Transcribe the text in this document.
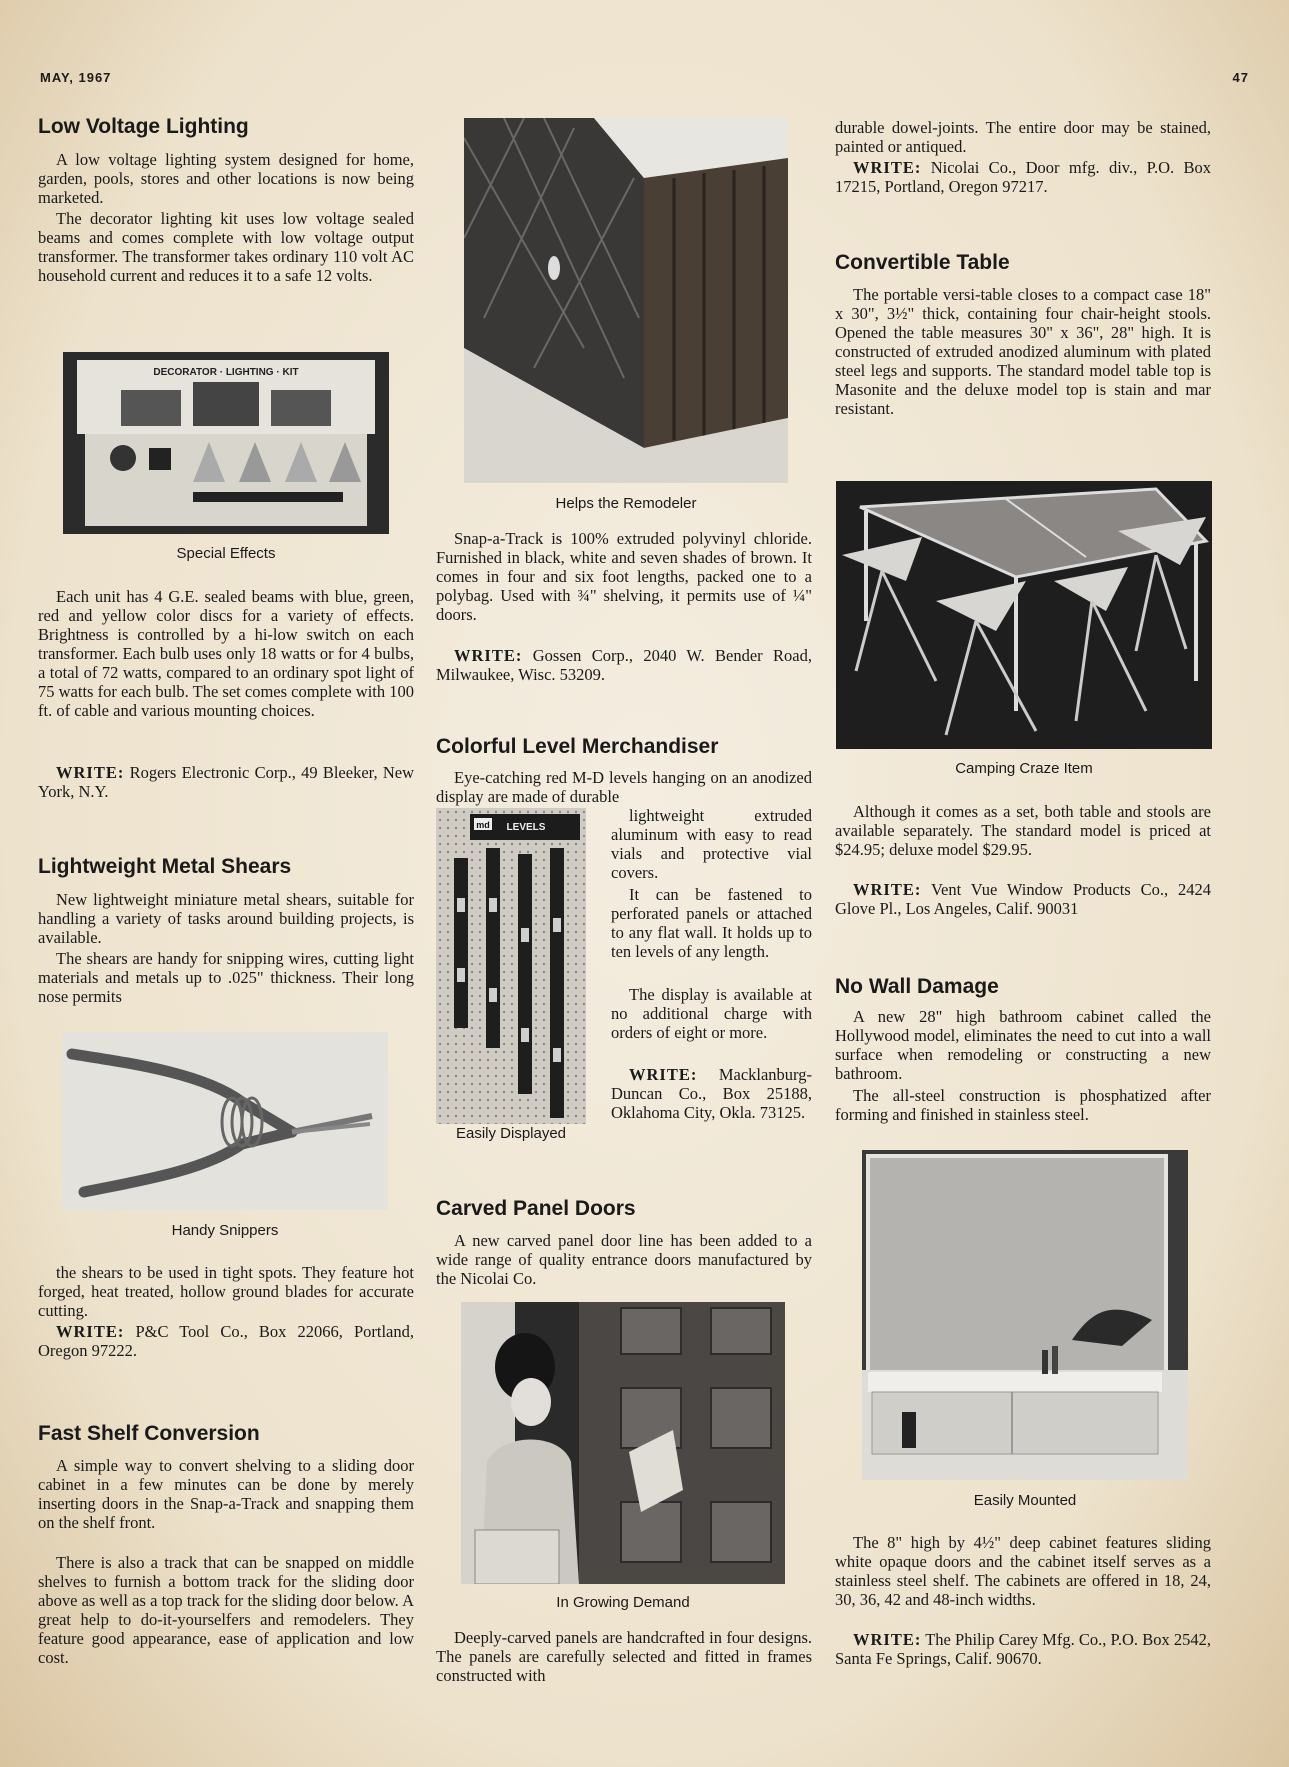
MAY, 1967	47
Low Voltage Lighting

A low voltage lighting system designed for home, garden, pools, stores and other locations is now being marketed.

The decorator lighting kit uses low voltage sealed beams and comes complete with low voltage output transformer. The transformer takes ordinary 110 volt AC household current and reduces it to a safe 12 volts.

DECORATOR · LIGHTING · KIT
Special Effects

Each unit has 4 G.E. sealed beams with blue, green, red and yellow color discs for a variety of effects. Brightness is controlled by a hi-low switch on each transformer. Each bulb uses only 18 watts or for 4 bulbs, a total of 72 watts, compared to an ordinary spot light of 75 watts for each bulb. The set comes complete with 100 ft. of cable and various mounting choices.

WRITE: Rogers Electronic Corp., 49 Bleeker, New York, N.Y.

Lightweight Metal Shears

New lightweight miniature metal shears, suitable for handling a variety of tasks around building projects, is available.

The shears are handy for snipping wires, cutting light materials and metals up to .025" thickness. Their long nose permits

Handy Snippers

the shears to be used in tight spots. They feature hot forged, heat treated, hollow ground blades for accurate cutting.

WRITE: P&C Tool Co., Box 22066, Portland, Oregon 97222.

Fast Shelf Conversion

A simple way to convert shelving to a sliding door cabinet in a few minutes can be done by merely inserting doors in the Snap-a-Track and snapping them on the shelf front.

There is also a track that can be snapped on middle shelves to furnish a bottom track for the sliding door above as well as a top track for the sliding door below. A great help to do-it-yourselfers and remodelers. They feature good appearance, ease of application and low cost.

Helps the Remodeler

Snap-a-Track is 100% extruded polyvinyl chloride. Furnished in black, white and seven shades of brown. It comes in four and six foot lengths, packed one to a polybag. Used with ¾" shelving, it permits use of ¼" doors.

WRITE: Gossen Corp., 2040 W. Bender Road, Milwaukee, Wisc. 53209.

Colorful Level Merchandiser

Eye-catching red M-D levels hanging on an anodized display are made of durable

md LEVELS
Easily Displayed

lightweight extruded aluminum with easy to read vials and protective vial covers.

It can be fastened to perforated panels or attached to any flat wall. It holds up to ten levels of any length.

The display is available at no additional charge with orders of eight or more.

WRITE: Macklanburg-Duncan Co., Box 25188, Oklahoma City, Okla. 73125.

Carved Panel Doors

A new carved panel door line has been added to a wide range of quality entrance doors manufactured by the Nicolai Co.

In Growing Demand

Deeply-carved panels are handcrafted in four designs. The panels are carefully selected and fitted in frames constructed with

durable dowel-joints. The entire door may be stained, painted or antiqued.

WRITE: Nicolai Co., Door mfg. div., P.O. Box 17215, Portland, Oregon 97217.

Convertible Table

The portable versi-table closes to a compact case 18" x 30", 3½" thick, containing four chair-height stools. Opened the table measures 30" x 36", 28" high. It is constructed of extruded anodized aluminum with plated steel legs and supports. The standard model table top is Masonite and the deluxe model top is stain and mar resistant.

Camping Craze Item

Although it comes as a set, both table and stools are available separately. The standard model is priced at $24.95; deluxe model $29.95.

WRITE: Vent Vue Window Products Co., 2424 Glove Pl., Los Angeles, Calif. 90031

No Wall Damage

A new 28" high bathroom cabinet called the Hollywood model, eliminates the need to cut into a wall surface when remodeling or constructing a new bathroom.

The all-steel construction is phosphatized after forming and finished in stainless steel.

Easily Mounted

The 8" high by 4½" deep cabinet features sliding white opaque doors and the cabinet itself serves as a stainless steel shelf. The cabinets are offered in 18, 24, 30, 36, 42 and 48-inch widths.

WRITE: The Philip Carey Mfg. Co., P.O. Box 2542, Santa Fe Springs, Calif. 90670.
